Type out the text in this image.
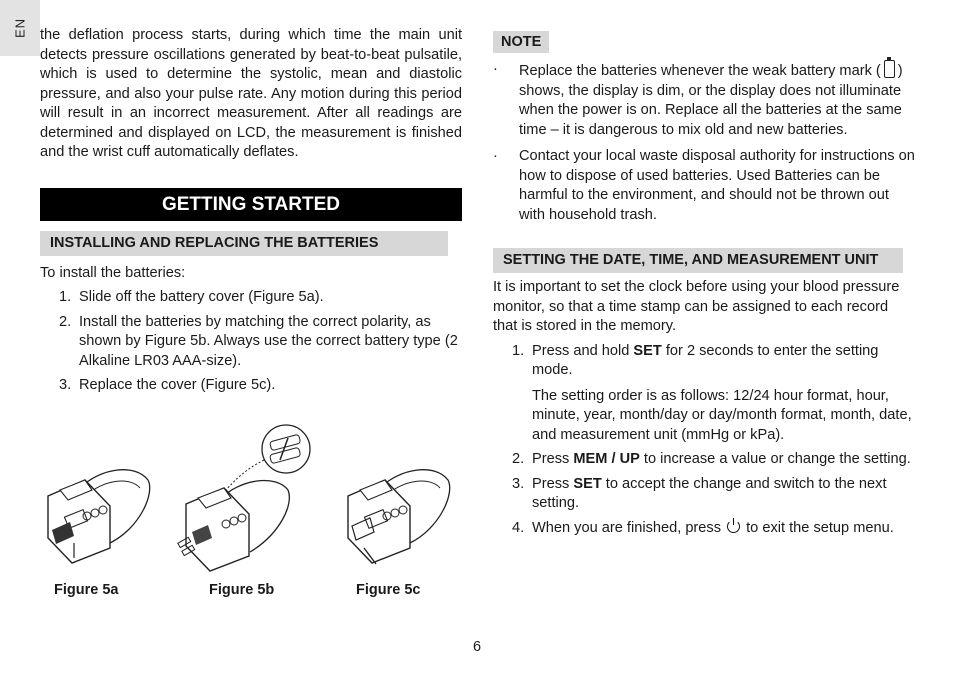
EN the deflation process starts, during which time the main unit detects pressure oscillations generated by beat-to-beat pulsatile, which is used to determine the systolic, mean and diastolic pressure, and also your pulse rate. Any motion during this period will result in an incorrect measurement. After all readings are determined and displayed on LCD, the measurement is finished and the wrist cuff automatically deflates.

GETTING STARTED
INSTALLING AND REPLACING THE BATTERIES

To install the batteries:

1. Slide off the battery cover (Figure 5a).
2. Install the batteries by matching the correct polarity, as shown by Figure 5b. Always use the correct battery type (2 Alkaline LR03 AAA-size).
3. Replace the cover (Figure 5c).
Figure 5a	Figure 5b	Figure 5c
NOTE
· Replace the batteries whenever the weak battery mark ( ) shows, the display is dim, or the display does not illuminate when the power is on. Replace all the batteries at the same time – it is dangerous to mix old and new batteries.
· Contact your local waste disposal authority for instructions on how to dispose of used batteries. Used Batteries can be harmful to the environment, and should not be thrown out with household trash.
SETTING THE DATE, TIME, AND MEASUREMENT UNIT

It is important to set the clock before using your blood pressure monitor, so that a time stamp can be assigned to each record that is stored in the memory.

1. Press and hold SET for 2 seconds to enter the setting mode.

The setting order is as follows: 12/24 hour format, hour, minute, year, month/day or day/month format, month, date, and measurement unit (mmHg or kPa).

2. Press MEM / UP to increase a value or change the setting.
3. Press SET to accept the change and switch to the next setting.
4. When you are finished, press  to exit the setup menu.
6
